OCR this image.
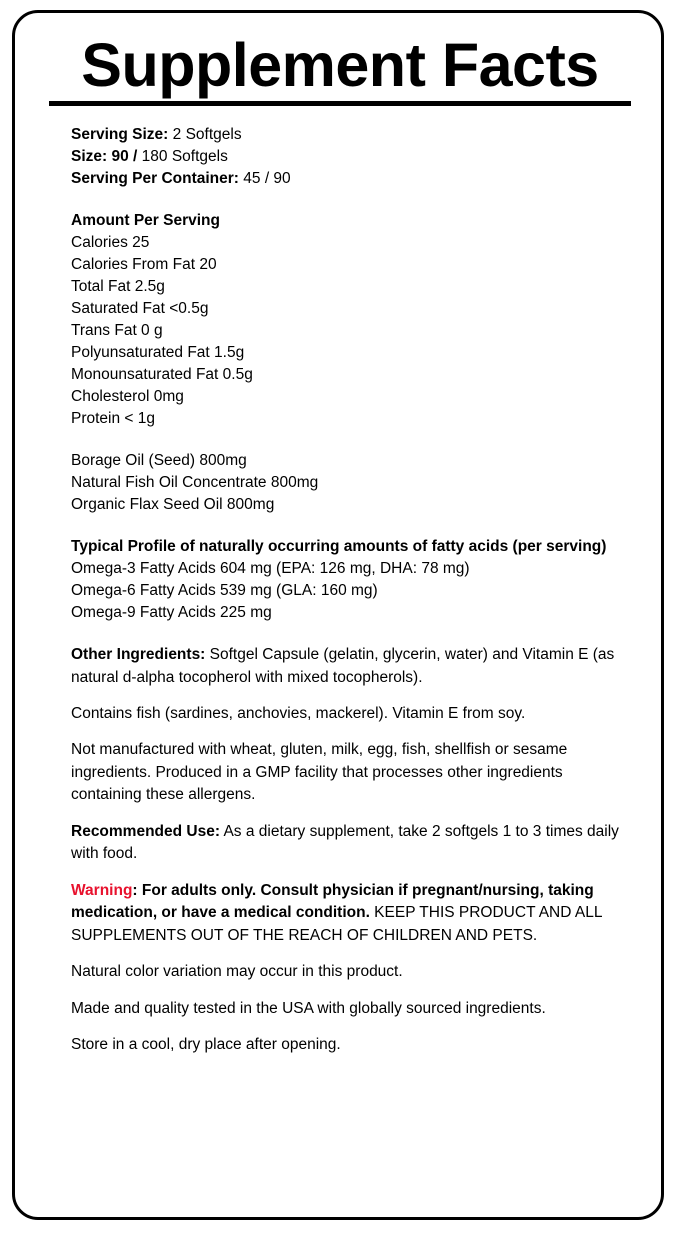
Supplement Facts
Serving Size: 2 Softgels
Size: 90 / 180 Softgels
Serving Per Container: 45 / 90
Amount Per Serving
Calories 25
Calories From Fat 20
Total Fat 2.5g
Saturated Fat <0.5g
Trans Fat 0 g
Polyunsaturated Fat 1.5g
Monounsaturated Fat 0.5g
Cholesterol 0mg
Protein < 1g
Borage Oil (Seed) 800mg
Natural Fish Oil Concentrate 800mg
Organic Flax Seed Oil 800mg
Typical Profile of naturally occurring amounts of fatty acids (per serving)
Omega-3 Fatty Acids 604 mg (EPA: 126 mg, DHA: 78 mg)
Omega-6 Fatty Acids 539 mg (GLA: 160 mg)
Omega-9 Fatty Acids 225 mg
Other Ingredients: Softgel Capsule (gelatin, glycerin, water) and Vitamin E (as natural d-alpha tocopherol with mixed tocopherols).
Contains fish (sardines, anchovies, mackerel). Vitamin E from soy.
Not manufactured with wheat, gluten, milk, egg, fish, shellfish or sesame ingredients. Produced in a GMP facility that processes other ingredients containing these allergens.
Recommended Use: As a dietary supplement, take 2 softgels 1 to 3 times daily with food.
Warning: For adults only. Consult physician if pregnant/nursing, taking medication, or have a medical condition. KEEP THIS PRODUCT AND ALL SUPPLEMENTS OUT OF THE REACH OF CHILDREN AND PETS.
Natural color variation may occur in this product.
Made and quality tested in the USA with globally sourced ingredients.
Store in a cool, dry place after opening.
